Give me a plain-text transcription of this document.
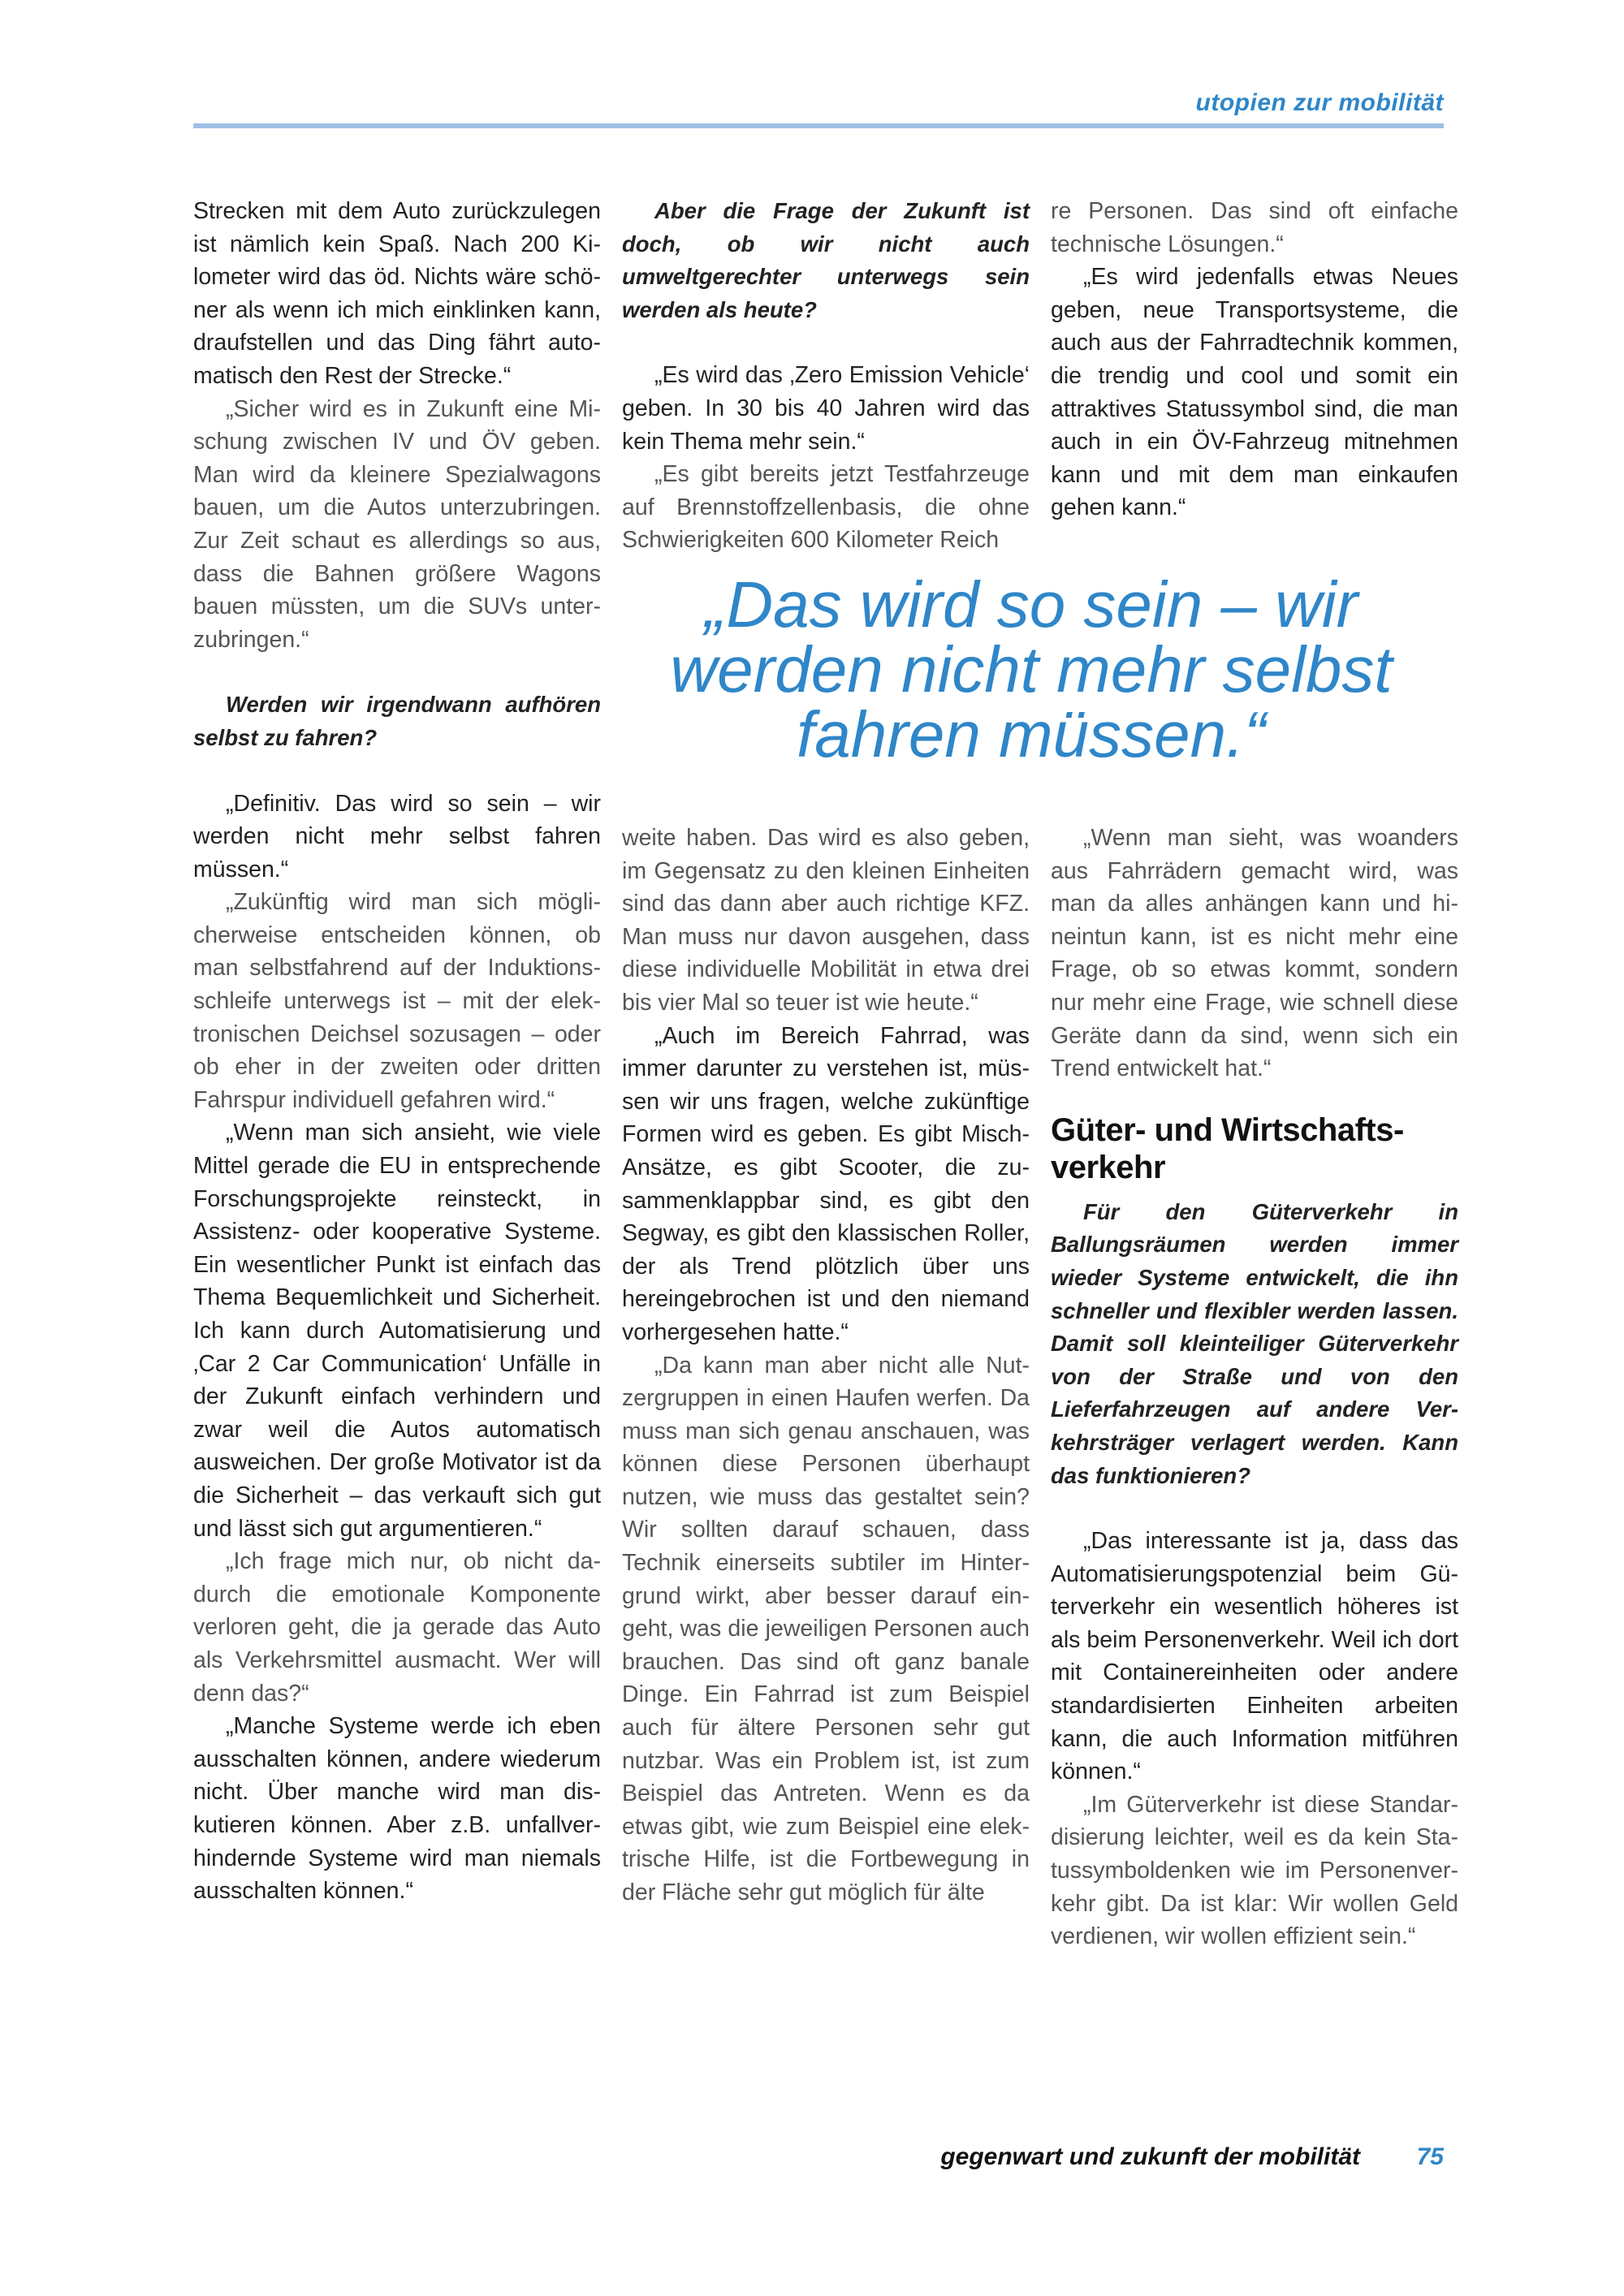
utopien zur mobilität

Strecken mit dem Auto zurückzulegen ist nämlich kein Spaß. Nach 200 Kilometer wird das öd. Nichts wäre schöner als wenn ich mich einklinken kann, draufstellen und das Ding fährt automatisch den Rest der Strecke.“

„Sicher wird es in Zukunft eine Mischung zwischen IV und ÖV geben. Man wird da kleinere Spezialwagons bauen, um die Autos unterzubringen. Zur Zeit schaut es allerdings so aus, dass die Bahnen größere Wagons bauen müssten, um die SUVs unterzubringen.“

Werden wir irgendwann aufhören selbst zu fahren?

„Definitiv. Das wird so sein – wir werden nicht mehr selbst fahren müssen.“

„Zukünftig wird man sich möglicherweise entscheiden können, ob man selbstfahrend auf der Induktionsschleife unterwegs ist – mit der elektronischen Deichsel sozusagen – oder ob eher in der zweiten oder dritten Fahrspur individuell gefahren wird.“

„Wenn man sich ansieht, wie viele Mittel gerade die EU in entsprechende Forschungsprojekte reinsteckt, in Assistenz- oder kooperative Systeme. Ein wesentlicher Punkt ist einfach das Thema Bequemlichkeit und Sicherheit. Ich kann durch Automatisierung und ‚Car 2 Car Communication‘ Unfälle in der Zukunft einfach verhindern und zwar weil die Autos automatisch ausweichen. Der große Motivator ist da die Sicherheit – das verkauft sich gut und lässt sich gut argumentieren.“

„Ich frage mich nur, ob nicht dadurch die emotionale Komponente verloren geht, die ja gerade das Auto als Verkehrsmittel ausmacht. Wer will denn das?“

„Manche Systeme werde ich eben ausschalten können, andere wiederum nicht. Über manche wird man diskutieren können. Aber z.B. unfallverhindernde Systeme wird man niemals ausschalten können.“

Aber die Frage der Zukunft ist doch, ob wir nicht auch umweltgerechter unterwegs sein werden als heute?

„Es wird das ‚Zero Emission Vehicle‘ geben. In 30 bis 40 Jahren wird das kein Thema mehr sein.“

„Es gibt bereits jetzt Testfahrzeuge auf Brennstoffzellenbasis, die ohne Schwierigkeiten 600 Kilometer Reich

re Personen. Das sind oft einfache technische Lösungen.“

„Es wird jedenfalls etwas Neues geben, neue Transportsysteme, die auch aus der Fahrradtechnik kommen, die trendig und cool und somit ein attraktives Statussymbol sind, die man auch in ein ÖV-Fahrzeug mitnehmen kann und mit dem man einkaufen gehen kann.“

„Das wird so sein – wir werden nicht mehr selbst fahren müssen.“

weite haben. Das wird es also geben, im Gegensatz zu den kleinen Einheiten sind das dann aber auch richtige KFZ. Man muss nur davon ausgehen, dass diese individuelle Mobilität in etwa drei bis vier Mal so teuer ist wie heute.“

„Auch im Bereich Fahrrad, was immer darunter zu verstehen ist, müssen wir uns fragen, welche zukünftige Formen wird es geben. Es gibt Misch-Ansätze, es gibt Scooter, die zusammenklappbar sind, es gibt den Segway, es gibt den klassischen Roller, der als Trend plötzlich über uns hereingebrochen ist und den niemand vorhergesehen hatte.“

„Da kann man aber nicht alle Nutzergruppen in einen Haufen werfen. Da muss man sich genau anschauen, was können diese Personen überhaupt nutzen, wie muss das gestaltet sein? Wir sollten darauf schauen, dass Technik einerseits subtiler im Hintergrund wirkt, aber besser darauf eingeht, was die jeweiligen Personen auch brauchen. Das sind oft ganz banale Dinge. Ein Fahrrad ist zum Beispiel auch für ältere Personen sehr gut nutzbar. Was ein Problem ist, ist zum Beispiel das Antreten. Wenn es da etwas gibt, wie zum Beispiel eine elektrische Hilfe, ist die Fortbewegung in der Fläche sehr gut möglich für älte

„Wenn man sieht, was woanders aus Fahrrädern gemacht wird, was man da alles anhängen kann und hineintun kann, ist es nicht mehr eine Frage, ob so etwas kommt, sondern nur mehr eine Frage, wie schnell diese Geräte dann da sind, wenn sich ein Trend entwickelt hat.“

Güter- und Wirtschaftsverkehr

Für den Güterverkehr in Ballungsräumen werden immer wieder Systeme entwickelt, die ihn schneller und flexibler werden lassen. Damit soll kleinteiliger Güterverkehr von der Straße und von den Lieferfahrzeugen auf andere Verkehrsträger verlagert werden. Kann das funktionieren?

„Das interessante ist ja, dass das Automatisierungspotenzial beim Güterverkehr ein wesentlich höheres ist als beim Personenverkehr. Weil ich dort mit Containereinheiten oder andere standardisierten Einheiten arbeiten kann, die auch Information mitführen können.“

„Im Güterverkehr ist diese Standardisierung leichter, weil es da kein Statussymboldenken wie im Personenverkehr gibt. Da ist klar: Wir wollen Geld verdienen, wir wollen effizient sein.“

gegenwart und zukunft der mobilität 75
